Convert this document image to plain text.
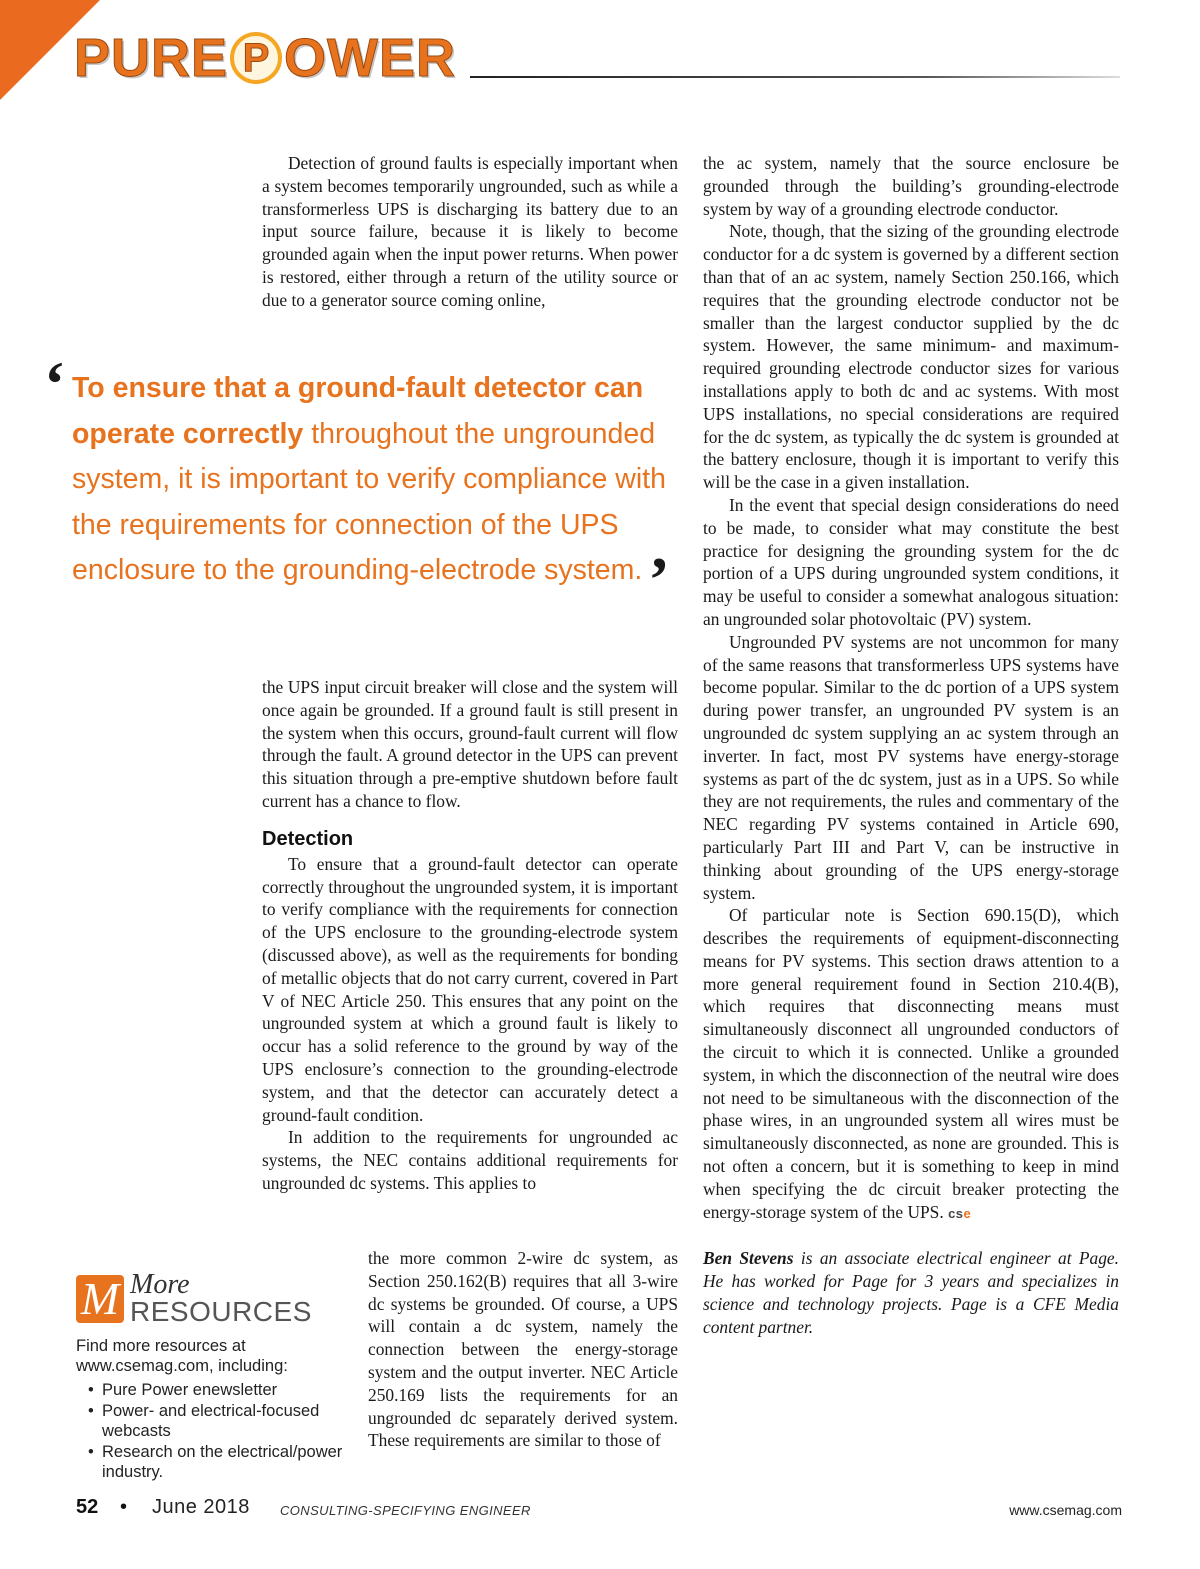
PURE P OWER

Detection of ground faults is especially important when a system becomes temporarily ungrounded, such as while a transformerless UPS is discharging its battery due to an input source failure, because it is likely to become grounded again when the input power returns. When power is restored, either through a return of the utility source or due to a generator source coming online,

‘ To ensure that a ground-fault detector can operate correctly throughout the ungrounded system, it is important to verify compliance with the requirements for connection of the UPS enclosure to the grounding-electrode system.’

the UPS input circuit breaker will close and the system will once again be grounded. If a ground fault is still present in the system when this occurs, ground-fault current will flow through the fault. A ground detector in the UPS can prevent this situation through a pre-emptive shutdown before fault current has a chance to flow.

Detection

To ensure that a ground-fault detector can operate correctly throughout the ungrounded system, it is important to verify compliance with the requirements for connection of the UPS enclosure to the grounding-electrode system (discussed above), as well as the requirements for bonding of metallic objects that do not carry current, covered in Part V of NEC Article 250. This ensures that any point on the ungrounded system at which a ground fault is likely to occur has a solid reference to the ground by way of the UPS enclosure’s connection to the grounding-electrode system, and that the detector can accurately detect a ground-fault condition.

In addition to the requirements for ungrounded ac systems, the NEC contains additional requirements for ungrounded dc systems. This applies to

the more common 2-wire dc system, as Section 250.162(B) requires that all 3-wire dc systems be grounded. Of course, a UPS will contain a dc system, namely the connection between the energy-storage system and the output inverter. NEC Article 250.169 lists the requirements for an ungrounded dc separately derived system. These requirements are similar to those of

the ac system, namely that the source enclosure be grounded through the building’s grounding-electrode system by way of a grounding electrode conductor.

Note, though, that the sizing of the grounding electrode conductor for a dc system is governed by a different section than that of an ac system, namely Section 250.166, which requires that the grounding electrode conductor not be smaller than the largest conductor supplied by the dc system. However, the same minimum- and maximum-required grounding electrode conductor sizes for various installations apply to both dc and ac systems. With most UPS installations, no special considerations are required for the dc system, as typically the dc system is grounded at the battery enclosure, though it is important to verify this will be the case in a given installation.

In the event that special design considerations do need to be made, to consider what may constitute the best practice for designing the grounding system for the dc portion of a UPS during ungrounded system conditions, it may be useful to consider a somewhat analogous situation: an ungrounded solar photovoltaic (PV) system.

Ungrounded PV systems are not uncommon for many of the same reasons that transformerless UPS systems have become popular. Similar to the dc portion of a UPS system during power transfer, an ungrounded PV system is an ungrounded dc system supplying an ac system through an inverter. In fact, most PV systems have energy-storage systems as part of the dc system, just as in a UPS. So while they are not requirements, the rules and commentary of the NEC regarding PV systems contained in Article 690, particularly Part III and Part V, can be instructive in thinking about grounding of the UPS energy-storage system.

Of particular note is Section 690.15(D), which describes the requirements of equipment-disconnecting means for PV systems. This section draws attention to a more general requirement found in Section 210.4(B), which requires that disconnecting means must simultaneously disconnect all ungrounded conductors of the circuit to which it is connected. Unlike a grounded system, in which the disconnection of the neutral wire does not need to be simultaneous with the disconnection of the phase wires, in an ungrounded system all wires must be simultaneously disconnected, as none are grounded. This is not often a concern, but it is something to keep in mind when specifying the dc circuit breaker protecting the energy-storage system of the UPS. cse

Ben Stevens is an associate electrical engineer at Page. He has worked for Page for 3 years and specializes in science and technology projects. Page is a CFE Media content partner.

M More
RESOURCES
Find more resources at www.csemag.com, including:
• Pure Power enewsletter
• Power- and electrical-focused webcasts
• Research on the electrical/power industry.
52 • June 2018 CONSULTING-SPECIFYING ENGINEER	www.csemag.com
